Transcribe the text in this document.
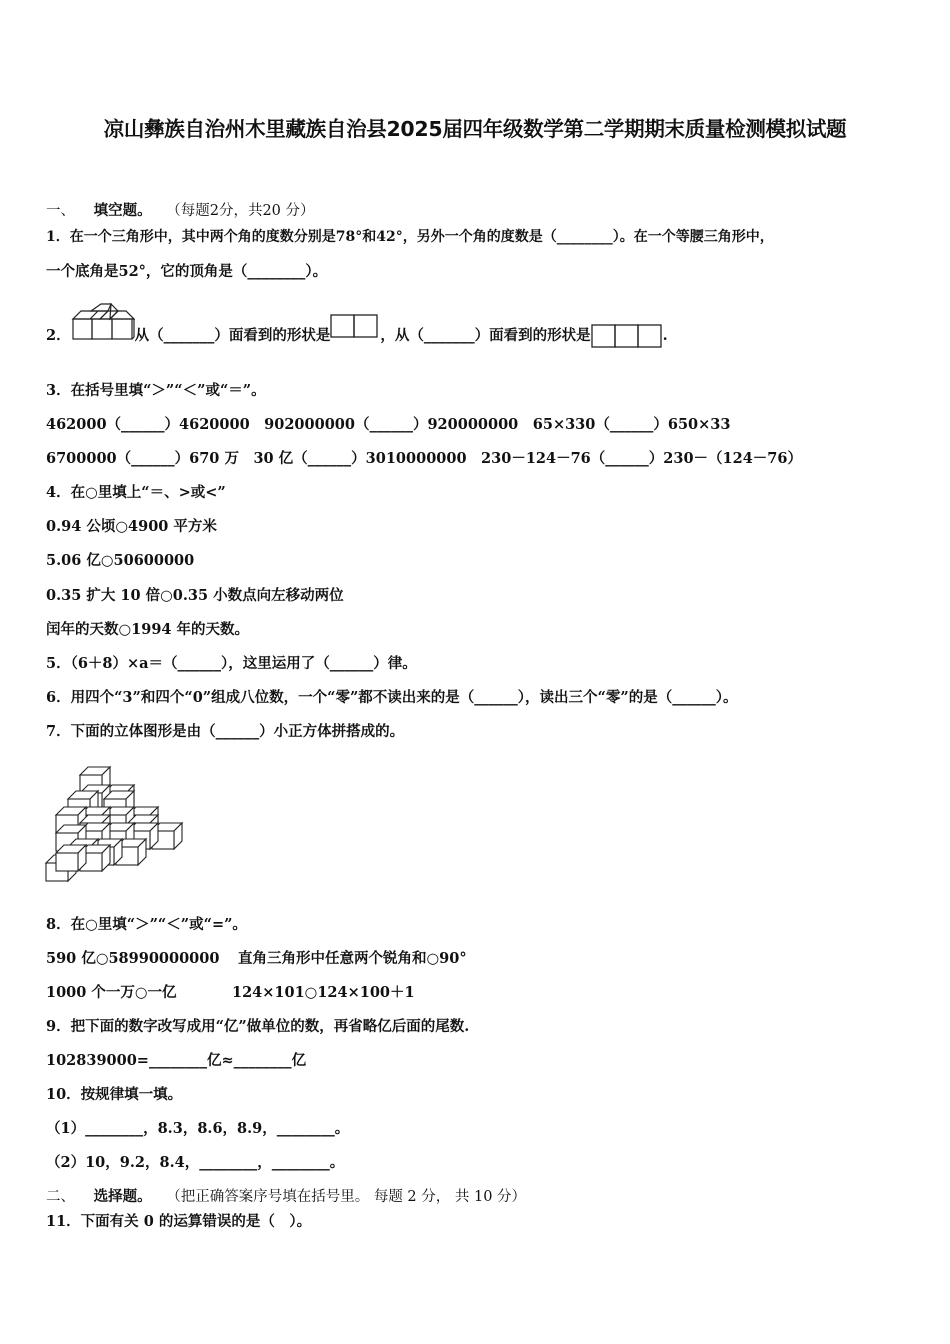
凉山彝族自治州木里藏族自治县2025届四年级数学第二学期期末质量检测模拟试题
一、 填空题。 （每题2分，共20 分）
1．在一个三角形中，其中两个角的度数分别是78°和42°，另外一个角的度数是（________）。在一个等腰三角形中，
一个底角是52°，它的顶角是（________）。
2．	从（_______）面看到的形状是	，从（_______）面看到的形状是	.
3．在括号里填“＞”“＜”或“＝”。
462000（______）4620000　902000000（______）920000000　65×330（______）650×33
6700000（______）670 万　30 亿（______）3010000000　230－124－76（______）230－（124－76）
4．在○里填上“＝、>或<”
0.94 公顷○4900 平方米
5.06 亿○50600000
0.35 扩大 10 倍○0.35 小数点向左移动两位
闰年的天数○1994 年的天数。
5．（6＋8）×a＝（______），这里运用了（______）律。
6．用四个“3”和四个“0”组成八位数，一个“零”都不读出来的是（______），读出三个“零”的是（______）。
7．下面的立体图形是由（______）小正方体拼搭成的。
8．在○里填“＞”“＜”或“=”。
590 亿○58990000000 直角三角形中任意两个锐角和○90°
1000 个一万○一亿	124×101○124×100＋1
9．把下面的数字改写成用“亿”做单位的数，再省略亿后面的尾数.
102839000=________亿≈________亿
10．按规律填一填。
（1）________，8.3，8.6，8.9，________。
（2）10，9.2，8.4，________，________。
二、 选择题。 （把正确答案序号填在括号里。 每题 2 分， 共 10 分）
11．下面有关 0 的运算错误的是（　）。
